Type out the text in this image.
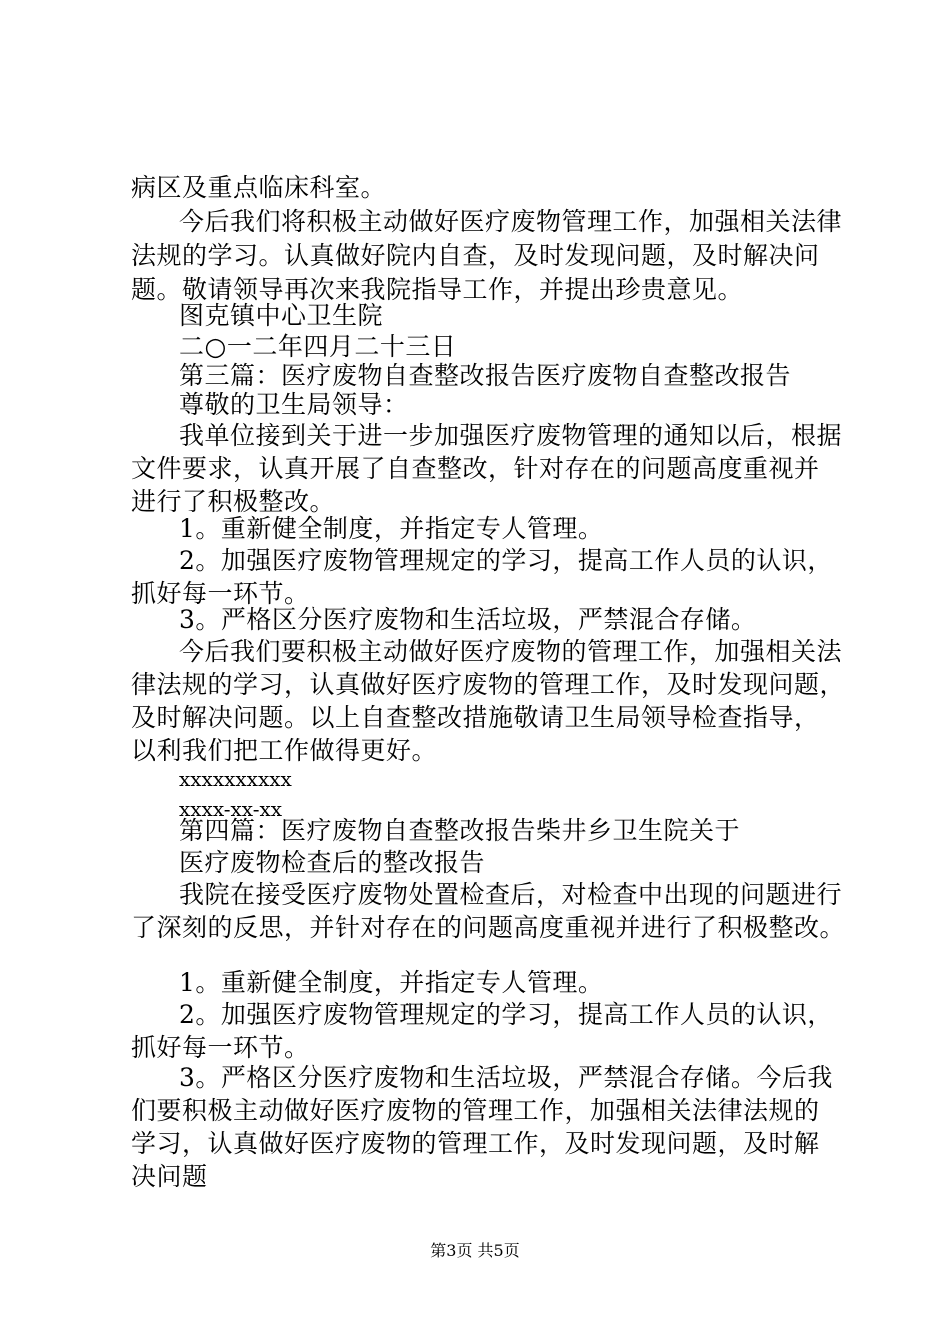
病区及重点临床科室。
今后我们将积极主动做好医疗废物管理工作，加强相关法律
法规的学习。认真做好院内自查，及时发现问题，及时解决问
题。敬请领导再次来我院指导工作，并提出珍贵意见。
图克镇中心卫生院
二○一二年四月二十三日
第三篇：医疗废物自查整改报告医疗废物自查整改报告
尊敬的卫生局领导：
我单位接到关于进一步加强医疗废物管理的通知以后，根据
文件要求，认真开展了自查整改，针对存在的问题高度重视并
进行了积极整改。
1。重新健全制度，并指定专人管理。
2。加强医疗废物管理规定的学习，提高工作人员的认识，
抓好每一环节。
3。严格区分医疗废物和生活垃圾，严禁混合存储。
今后我们要积极主动做好医疗废物的管理工作，加强相关法
律法规的学习，认真做好医疗废物的管理工作，及时发现问题，
及时解决问题。以上自查整改措施敬请卫生局领导检查指导，
以利我们把工作做得更好。
xxxxxxxxxx
xxxx-xx-xx
第四篇：医疗废物自查整改报告柴井乡卫生院关于
医疗废物检查后的整改报告
我院在接受医疗废物处置检查后，对检查中出现的问题进行
了深刻的反思，并针对存在的问题高度重视并进行了积极整改。
1。重新健全制度，并指定专人管理。
2。加强医疗废物管理规定的学习，提高工作人员的认识，
抓好每一环节。
3。严格区分医疗废物和生活垃圾，严禁混合存储。今后我
们要积极主动做好医疗废物的管理工作，加强相关法律法规的
学习，认真做好医疗废物的管理工作，及时发现问题，及时解
决问题
第3页 共5页
